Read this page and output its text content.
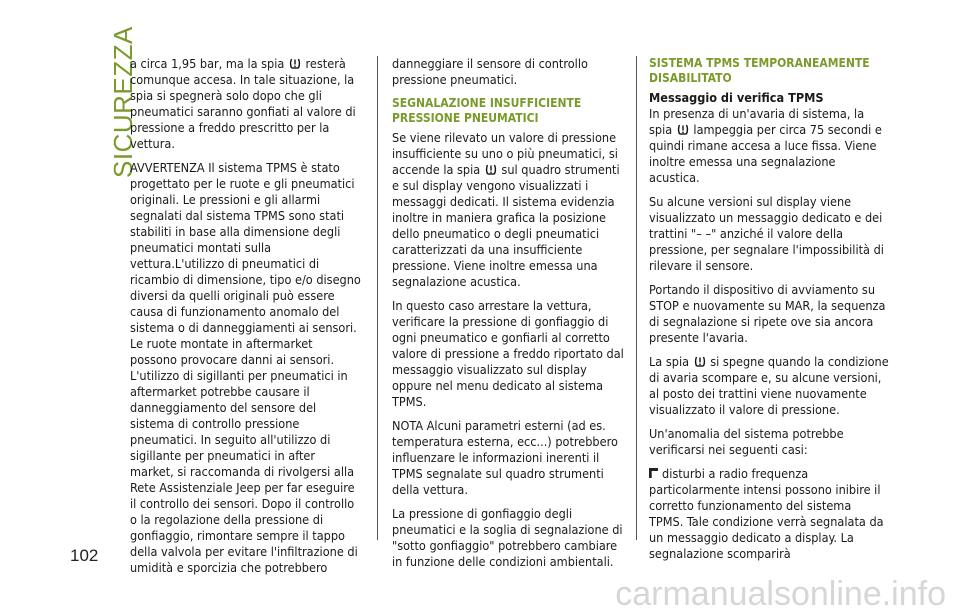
SICUREZZA
102

a circa 1,95 bar, ma la spia resterà comunque accesa. In tale situazione, la spia si spegnerà solo dopo che gli pneumatici saranno gonfiati al valore di pressione a freddo prescritto per la vettura.

AVVERTENZA Il sistema TPMS è stato progettato per le ruote e gli pneumatici originali. Le pressioni e gli allarmi segnalati dal sistema TPMS sono stati stabiliti in base alla dimensione degli pneumatici montati sulla vettura.L'utilizzo di pneumatici di ricambio di dimensione, tipo e/o disegno diversi da quelli originali può essere causa di funzionamento anomalo del sistema o di danneggiamenti ai sensori. Le ruote montate in aftermarket possono provocare danni ai sensori. L'utilizzo di sigillanti per pneumatici in aftermarket potrebbe causare il danneggiamento del sensore del sistema di controllo pressione pneumatici. In seguito all'utilizzo di sigillante per pneumatici in after market, si raccomanda di rivolgersi alla Rete Assistenziale Jeep per far eseguire il controllo dei sensori. Dopo il controllo o la regolazione della pressione di gonfiaggio, rimontare sempre il tappo della valvola per evitare l'infiltrazione di umidità e sporcizia che potrebbero

danneggiare il sensore di controllo pressione pneumatici.

SEGNALAZIONE INSUFFICIENTE PRESSIONE PNEUMATICI

Se viene rilevato un valore di pressione insufficiente su uno o più pneumatici, si accende la spia sul quadro strumenti e sul display vengono visualizzati i messaggi dedicati. Il sistema evidenzia inoltre in maniera grafica la posizione dello pneumatico o degli pneumatici caratterizzati da una insufficiente pressione. Viene inoltre emessa una segnalazione acustica.

In questo caso arrestare la vettura, verificare la pressione di gonfiaggio di ogni pneumatico e gonfiarli al corretto valore di pressione a freddo riportato dal messaggio visualizzato sul display oppure nel menu dedicato al sistema TPMS.

NOTA Alcuni parametri esterni (ad es. temperatura esterna, ecc...) potrebbero influenzare le informazioni inerenti il TPMS segnalate sul quadro strumenti della vettura.

La pressione di gonfiaggio degli pneumatici e la soglia di segnalazione di "sotto gonfiaggio" potrebbero cambiare in funzione delle condizioni ambientali.

SISTEMA TPMS TEMPORANEAMENTE DISABILITATO
Messaggio di verifica TPMS

In presenza di un'avaria di sistema, la spia lampeggia per circa 75 secondi e quindi rimane accesa a luce fissa. Viene inoltre emessa una segnalazione acustica.

Su alcune versioni sul display viene visualizzato un messaggio dedicato e dei trattini "– –" anziché il valore della pressione, per segnalare l'impossibilità di rilevare il sensore.

Portando il dispositivo di avviamento su STOP e nuovamente su MAR, la sequenza di segnalazione si ripete ove sia ancora presente l'avaria.

La spia si spegne quando la condizione di avaria scompare e, su alcune versioni, al posto dei trattini viene nuovamente visualizzato il valore di pressione.

Un'anomalia del sistema potrebbe verificarsi nei seguenti casi:

disturbi a radio frequenza particolarmente intensi possono inibire il corretto funzionamento del sistema TPMS. Tale condizione verrà segnalata da un messaggio dedicato a display. La segnalazione scomparirà

carmanualsonline.info
